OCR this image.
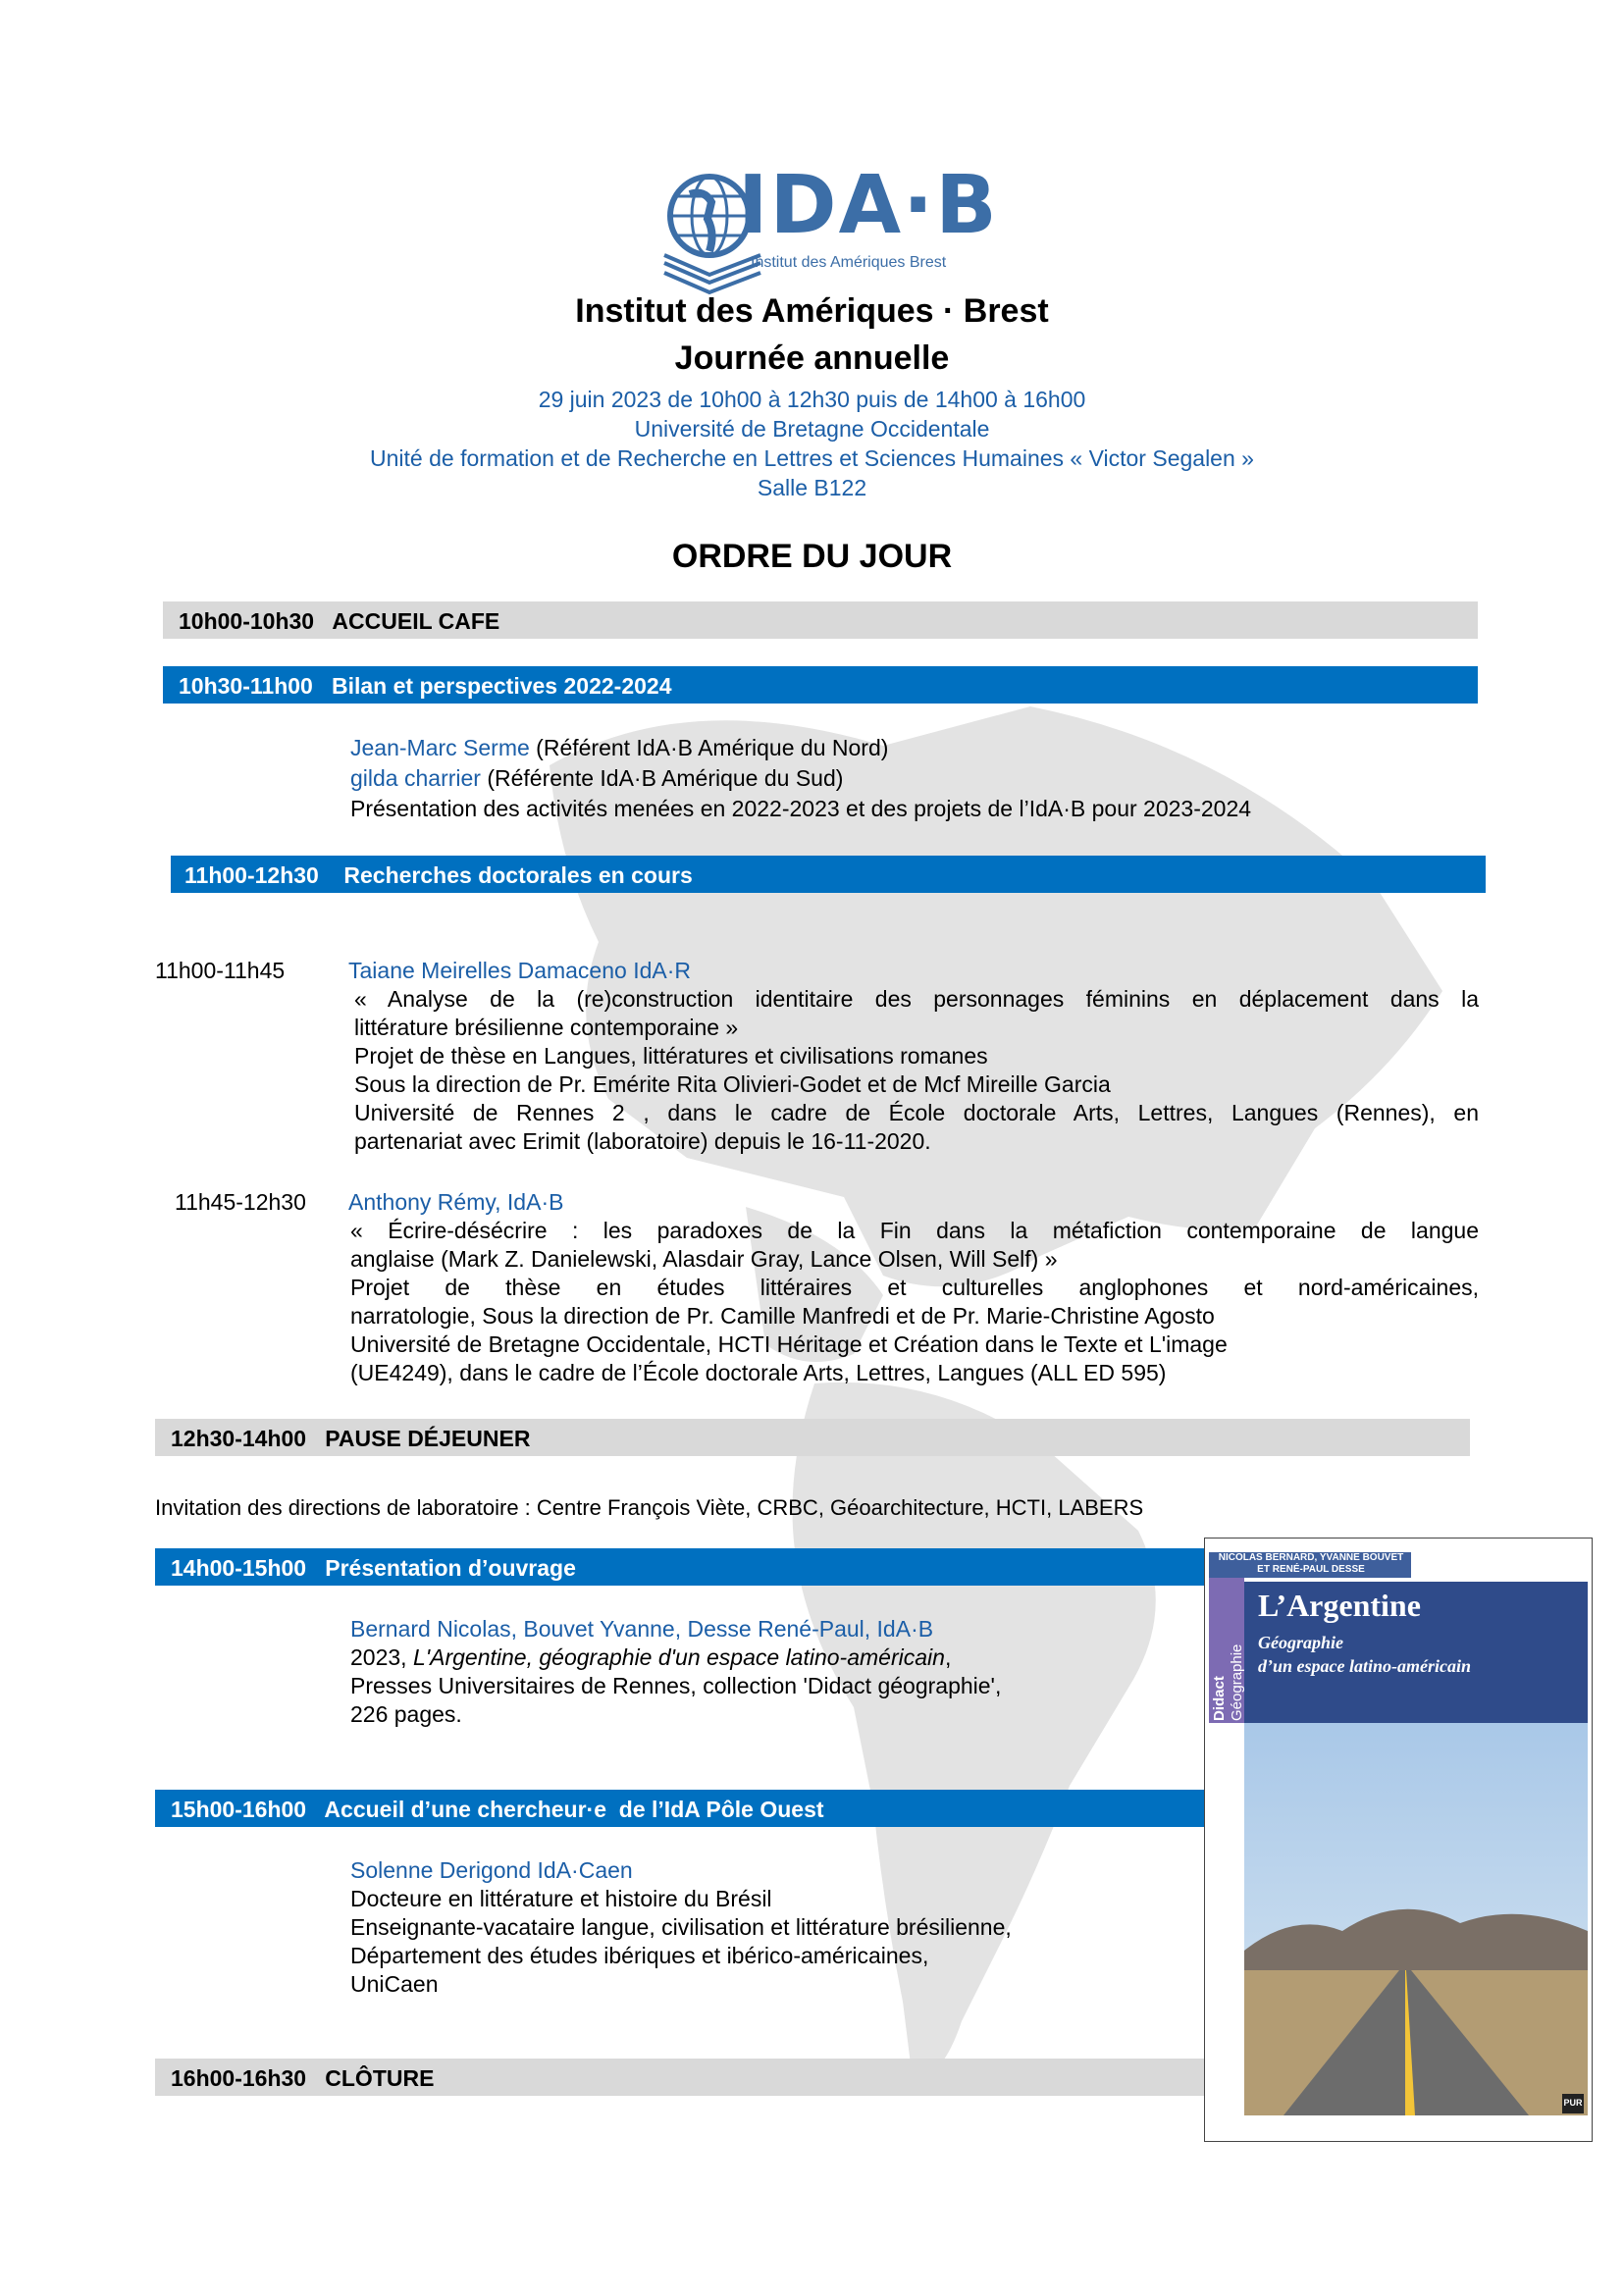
IDA·B
Institut des Amériques Brest
Institut des Amériques · Brest
Journée annuelle
29 juin 2023 de 10h00 à 12h30 puis de 14h00 à 16h00
Université de Bretagne Occidentale
Unité de formation et de Recherche en Lettres et Sciences Humaines « Victor Segalen »
Salle B122
ORDRE DU JOUR
10h00-10h30 ACCUEIL CAFE
10h30-11h00 Bilan et perspectives 2022-2024
Jean-Marc Serme (Référent IdA·B Amérique du Nord)
gilda charrier (Référente IdA·B Amérique du Sud)
Présentation des activités menées en 2022-2023 et des projets de l’IdA·B pour 2023-2024
11h00-12h30 Recherches doctorales en cours
11h00-11h45	Taiane Meirelles Damaceno IdA·R
« Analyse de la (re)construction identitaire des personnages féminins en déplacement dans la
littérature brésilienne contemporaine »
Projet de thèse en Langues, littératures et civilisations romanes
Sous la direction de Pr. Emérite Rita Olivieri-Godet et de Mcf Mireille Garcia
Université de Rennes 2 , dans le cadre de École doctorale Arts, Lettres, Langues (Rennes), en
partenariat avec Erimit (laboratoire) depuis le 16-11-2020.
11h45-12h30 Anthony Rémy, IdA·B
« Écrire-désécrire : les paradoxes de la Fin dans la métafiction contemporaine de langue
anglaise (Mark Z. Danielewski, Alasdair Gray, Lance Olsen, Will Self) »
Projet de thèse en études littéraires et culturelles anglophones et nord-américaines,
narratologie, Sous la direction de Pr. Camille Manfredi et de Pr. Marie-Christine Agosto
Université de Bretagne Occidentale, HCTI Héritage et Création dans le Texte et L'image
(UE4249), dans le cadre de l’École doctorale Arts, Lettres, Langues (ALL ED 595)
12h30-14h00 PAUSE DÉJEUNER
Invitation des directions de laboratoire : Centre François Viète, CRBC, Géoarchitecture, HCTI, LABERS
14h00-15h00 Présentation d’ouvrage
Bernard Nicolas, Bouvet Yvanne, Desse René-Paul, IdA·B
2023, L'Argentine, géographie d'un espace latino-américain,
Presses Universitaires de Rennes, collection 'Didact géographie',
226 pages.
15h00-16h00 Accueil d’une chercheur·e  de l’IdA Pôle Ouest
Solenne Derigond IdA·Caen
Docteure en littérature et histoire du Brésil
Enseignante-vacataire langue, civilisation et littérature brésilienne,
Département des études ibériques et ibérico-américaines,
UniCaen
16h00-16h30 CLÔTURE
NICOLAS BERNARD, YVANNE BOUVET
ET RENÉ-PAUL DESSE
Didact Géographie
L’Argentine
Géographie
d’un espace latino-américain
PUR
